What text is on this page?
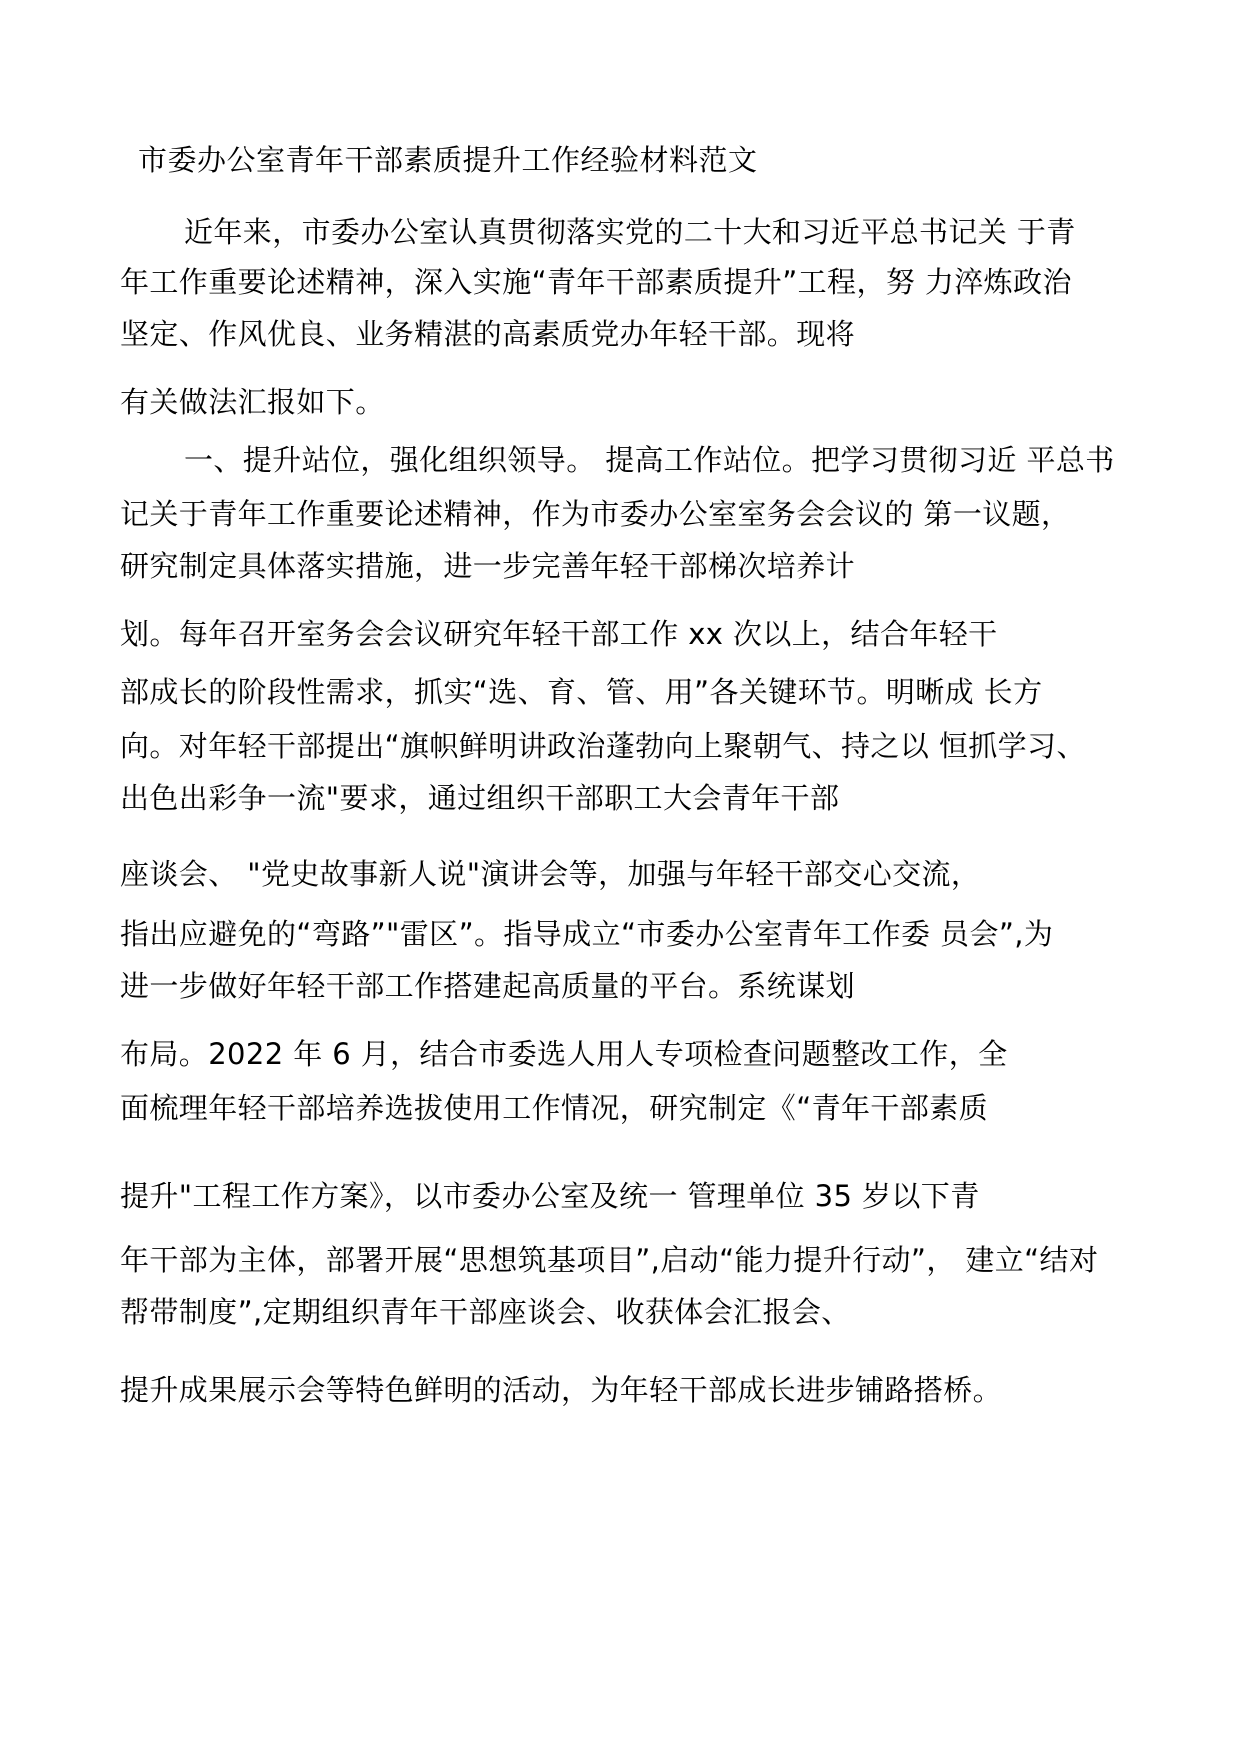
市委办公室青年干部素质提升工作经验材料范文
近年来，市委办公室认真贯彻落实党的二十大和习近平总书记关 于青
年工作重要论述精神，深入实施“青年干部素质提升”工程，努 力淬炼政治
坚定、作风优良、业务精湛的高素质党办年轻干部。现将
有关做法汇报如下。
一、提升站位，强化组织领导。 提高工作站位。把学习贯彻习近 平总书
记关于青年工作重要论述精神，作为市委办公室室务会会议的 第一议题，
研究制定具体落实措施，进一步完善年轻干部梯次培养计
划。每年召开室务会会议研究年轻干部工作 xx 次以上，结合年轻干
部成长的阶段性需求，抓实“选、育、管、用”各关键环节。明晰成 长方
向。对年轻干部提出“旗帜鲜明讲政治蓬勃向上聚朝气、持之以 恒抓学习、
出色出彩争一流"要求，通过组织干部职工大会青年干部
座谈会、 "党史故事新人说"演讲会等，加强与年轻干部交心交流，
指出应避免的“弯路”"雷区”。指导成立“市委办公室青年工作委 员会”,为
进一步做好年轻干部工作搭建起高质量的平台。系统谋划
布局。2022 年 6 月，结合市委选人用人专项检查问题整改工作，全
面梳理年轻干部培养选拔使用工作情况，研究制定《“青年干部素质
提升"工程工作方案》，以市委办公室及统一 管理单位 35 岁以下青
年干部为主体，部署开展“思想筑基项目”,启动“能力提升行动”， 建立“结对
帮带制度”,定期组织青年干部座谈会、收获体会汇报会、
提升成果展示会等特色鲜明的活动，为年轻干部成长进步铺路搭桥。
